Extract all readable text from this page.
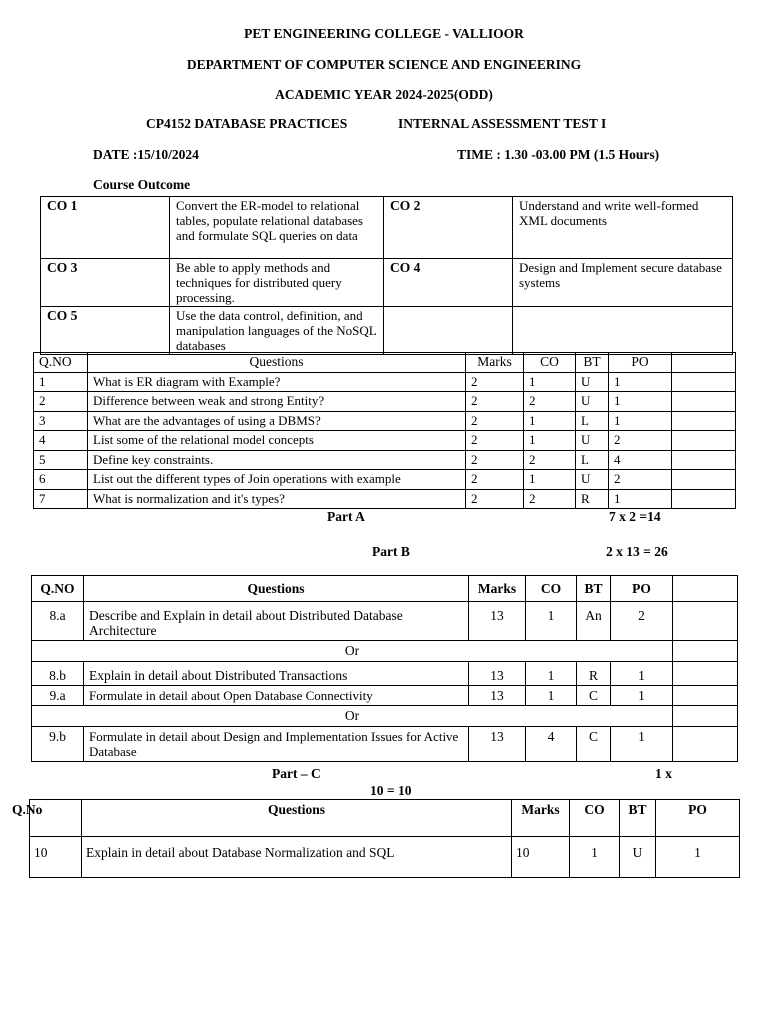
PET ENGINEERING COLLEGE - VALLIOOR
DEPARTMENT OF COMPUTER SCIENCE AND ENGINEERING
ACADEMIC YEAR 2024-2025(ODD)
CP4152 DATABASE PRACTICES	INTERNAL ASSESSMENT TEST I
DATE :15/10/2024	TIME : 1.30 -03.00 PM (1.5 Hours)
Course Outcome
CO 1	Convert the ER-model to relational tables, populate relational databases and formulate SQL queries on data	CO 2	Understand and write well-formed XML documents
CO 3	Be able to apply methods and techniques for distributed query processing.	CO 4	Design and Implement secure database systems
CO 5	Use the data control, definition, and manipulation languages of the NoSQL databases		
Q.NO	Questions	Marks	CO	BT	PO	
1	What is ER diagram with Example?	2	1	U	1	
2	Difference between weak and strong Entity?	2	2	U	1	
3	What are the advantages of using a DBMS?	2	1	L	1	
4	List some of the relational model concepts	2	1	U	2	
5	Define key constraints.	2	2	L	4	
6	List out the different types of Join operations with example	2	1	U	2	
7	What is normalization and it's types?	2	2	R	1	
Part A	7 x 2 =14
Part B	2 x 13 = 26
Q.NO	Questions	Marks	CO	BT	PO	
8.a	Describe and Explain in detail about Distributed Database Architecture	13	1	An	2	
Or						
8.b	Explain in detail about Distributed Transactions	13	1	R	1	
9.a	Formulate in detail about Open Database Connectivity	13	1	C	1	
Or						
9.b	Formulate in detail about Design and Implementation Issues for Active Database	13	4	C	1	
Part – C	1 x
10 = 10
Q.No	Questions	Marks	CO	BT	PO
10	Explain in detail about Database Normalization and SQL	10	1	U	1
